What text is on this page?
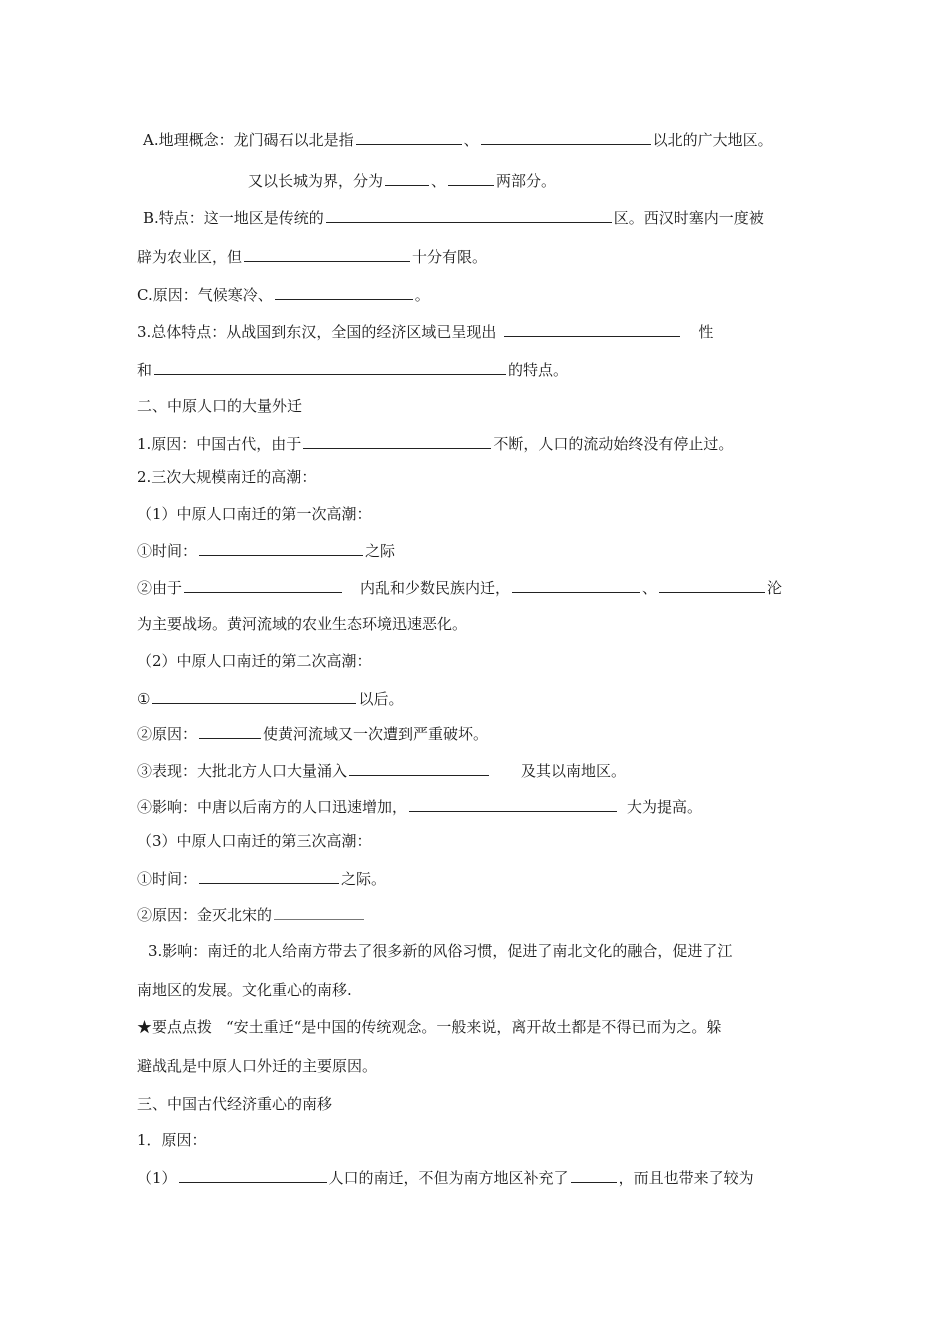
A.地理概念：龙门碣石以北是指	、	以北的广大地区。
又以长城为界，分为	、	两部分。
B.特点：这一地区是传统的	区。西汉时塞内一度被
辟为农业区，但	十分有限。
C.原因：气候寒冷、	。
3.总体特点：从战国到东汉，全国的经济区域已呈现出	性
和	的特点。
二、中原人口的大量外迁
1.原因：中国古代，由于	不断，人口的流动始终没有停止过。
2.三次大规模南迁的高潮：
（1）中原人口南迁的第一次高潮：
①时间：	之际
②由于	内乱和少数民族内迁，	、	沦
为主要战场。黄河流域的农业生态环境迅速恶化。
（2）中原人口南迁的第二次高潮：
①	以后。
②原因：	使黄河流域又一次遭到严重破坏。
③表现：大批北方人口大量涌入	及其以南地区。
④影响：中唐以后南方的人口迅速增加，	大为提高。
（3）中原人口南迁的第三次高潮：
①时间：	之际。
②原因：金灭北宋的
3.影响：南迁的北人给南方带去了很多新的风俗习惯，促进了南北文化的融合，促进了江
南地区的发展。文化重心的南移.
★要点点拨 “安土重迁“是中国的传统观念。一般来说，离开故土都是不得已而为之。躲
避战乱是中原人口外迁的主要原因。
三、中国古代经济重心的南移
1．原因：
（1）	人口的南迁，不但为南方地区补充了	，而且也带来了较为
